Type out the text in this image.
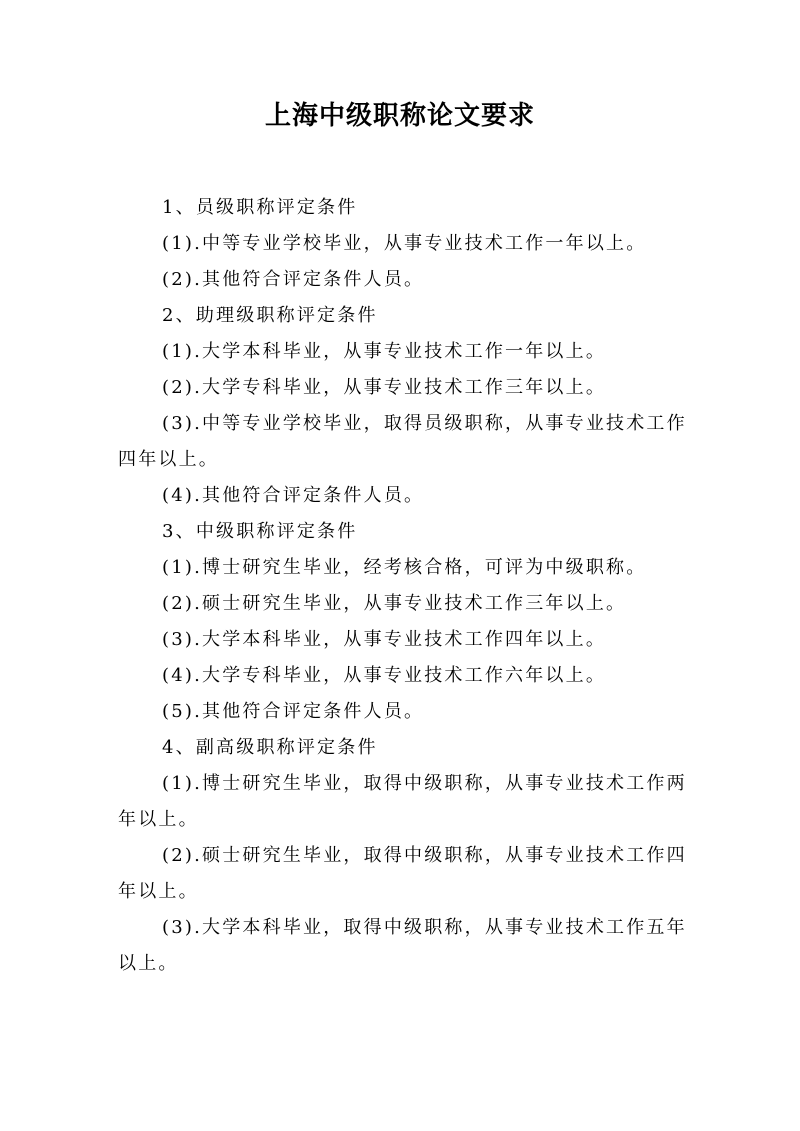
上海中级职称论文要求

1、员级职称评定条件

(1).中等专业学校毕业，从事专业技术工作一年以上。

(2).其他符合评定条件人员。

2、助理级职称评定条件

(1).大学本科毕业，从事专业技术工作一年以上。

(2).大学专科毕业，从事专业技术工作三年以上。

(3).中等专业学校毕业，取得员级职称，从事专业技术工作四年以上。

(4).其他符合评定条件人员。

3、中级职称评定条件

(1).博士研究生毕业，经考核合格，可评为中级职称。

(2).硕士研究生毕业，从事专业技术工作三年以上。

(3).大学本科毕业，从事专业技术工作四年以上。

(4).大学专科毕业，从事专业技术工作六年以上。

(5).其他符合评定条件人员。

4、副高级职称评定条件

(1).博士研究生毕业，取得中级职称，从事专业技术工作两年以上。

(2).硕士研究生毕业，取得中级职称，从事专业技术工作四年以上。

(3).大学本科毕业，取得中级职称，从事专业技术工作五年以上。
